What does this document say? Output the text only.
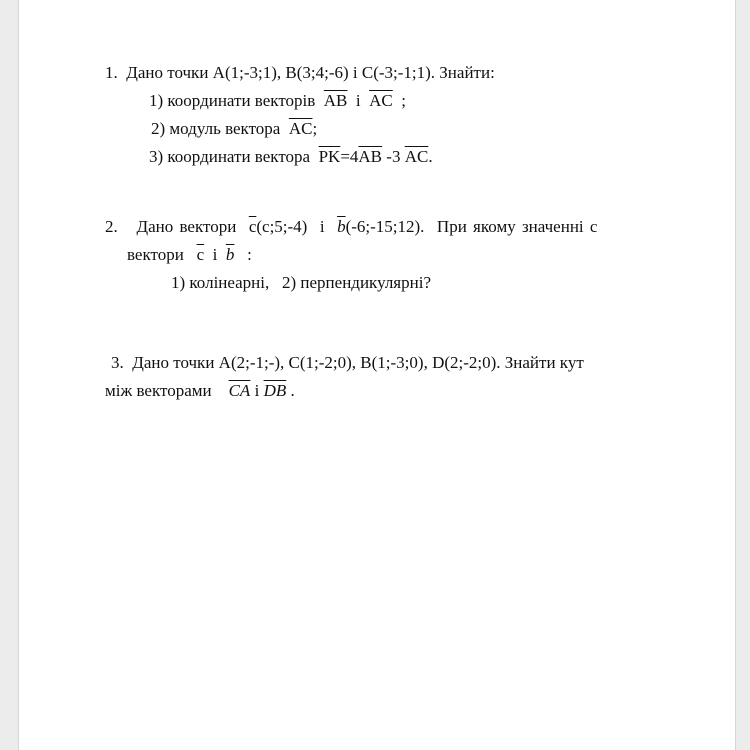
1. Дано точки A(1;-3;1), B(3;4;-6) і C(-3;-1;1). Знайти:
1) координати векторів $\overline{AB}$ і $\overline{AC}$ ;
2) модуль вектора $\overline{AC}$;
3) координати вектора $\overline{PK}=4\overline{AB}$ -3 $\overline{AC}$.
2. Дано вектори $\overline{c}(c;5;-4)$ і $\overline{b}(-6;-15;12)$. При якому значенні c
вектори $\overline{c}$ і $\overline{b}$ :
1) колінеарні,   2) перпендикулярні?
3. Дано точки A(2;-1;-), C(1;-2;0), B(1;-3;0), D(2;-2;0). Знайти кут
між векторами $\overline{CA}$ і $\overline{DB}$ .
